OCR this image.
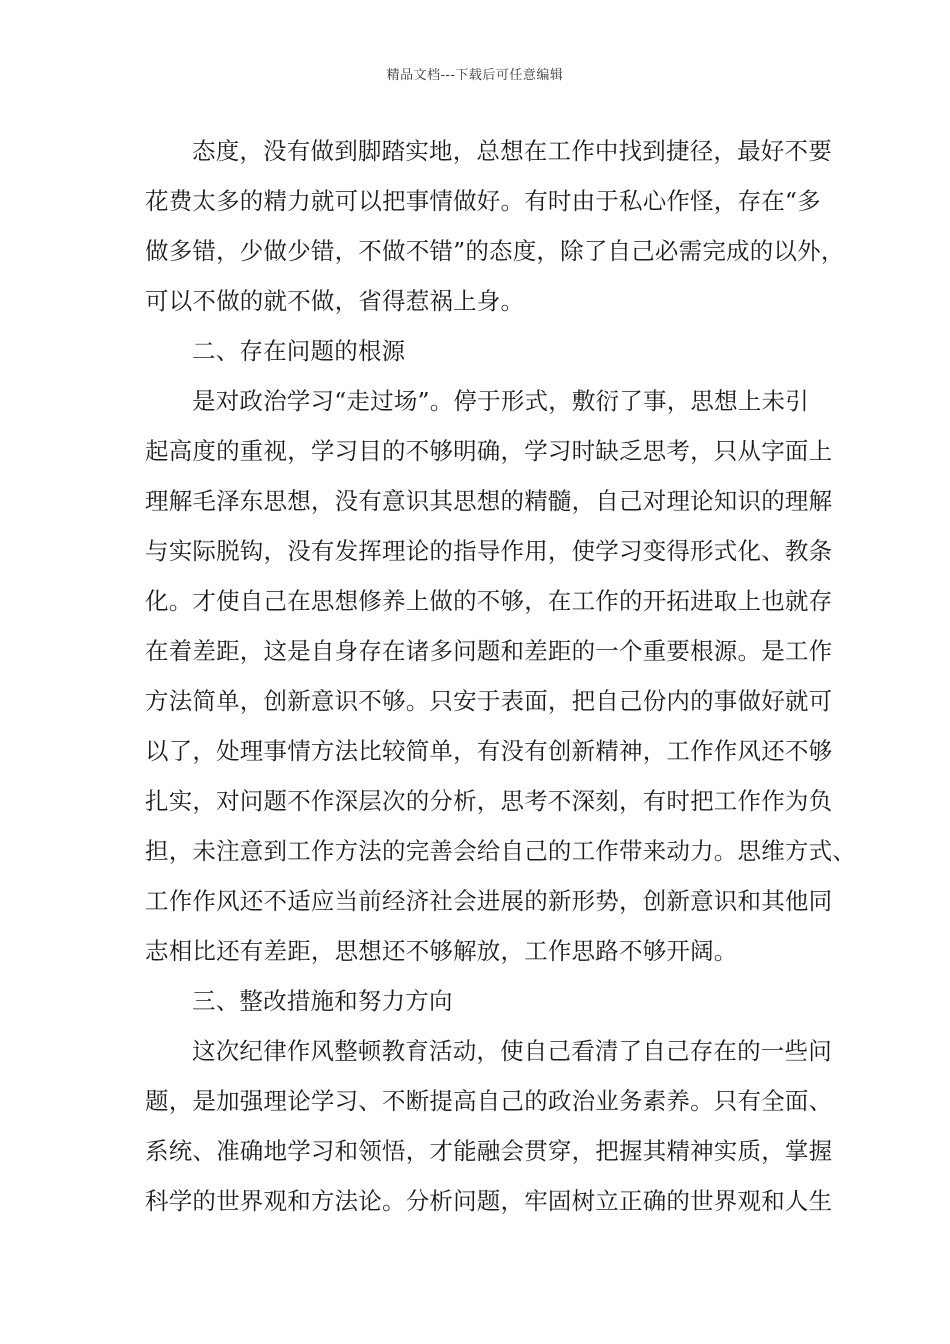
精品文档---下载后可任意编辑
态度，没有做到脚踏实地，总想在工作中找到捷径，最好不要
花费太多的精力就可以把事情做好。有时由于私心作怪，存在“多
做多错，少做少错，不做不错”的态度，除了自己必需完成的以外，
可以不做的就不做，省得惹祸上身。
二、存在问题的根源
是对政治学习“走过场”。停于形式，敷衍了事，思想上未引
起高度的重视，学习目的不够明确，学习时缺乏思考，只从字面上
理解毛泽东思想，没有意识其思想的精髓，自己对理论知识的理解
与实际脱钩，没有发挥理论的指导作用，使学习变得形式化、教条
化。才使自己在思想修养上做的不够，在工作的开拓进取上也就存
在着差距，这是自身存在诸多问题和差距的一个重要根源。是工作
方法简单，创新意识不够。只安于表面，把自己份内的事做好就可
以了，处理事情方法比较简单，有没有创新精神，工作作风还不够
扎实，对问题不作深层次的分析，思考不深刻，有时把工作作为负
担，未注意到工作方法的完善会给自己的工作带来动力。思维方式、
工作作风还不适应当前经济社会进展的新形势，创新意识和其他同
志相比还有差距，思想还不够解放，工作思路不够开阔。
三、整改措施和努力方向
这次纪律作风整顿教育活动，使自己看清了自己存在的一些问
题，是加强理论学习、不断提高自己的政治业务素养。只有全面、
系统、准确地学习和领悟，才能融会贯穿，把握其精神实质，掌握
科学的世界观和方法论。分析问题，牢固树立正确的世界观和人生
